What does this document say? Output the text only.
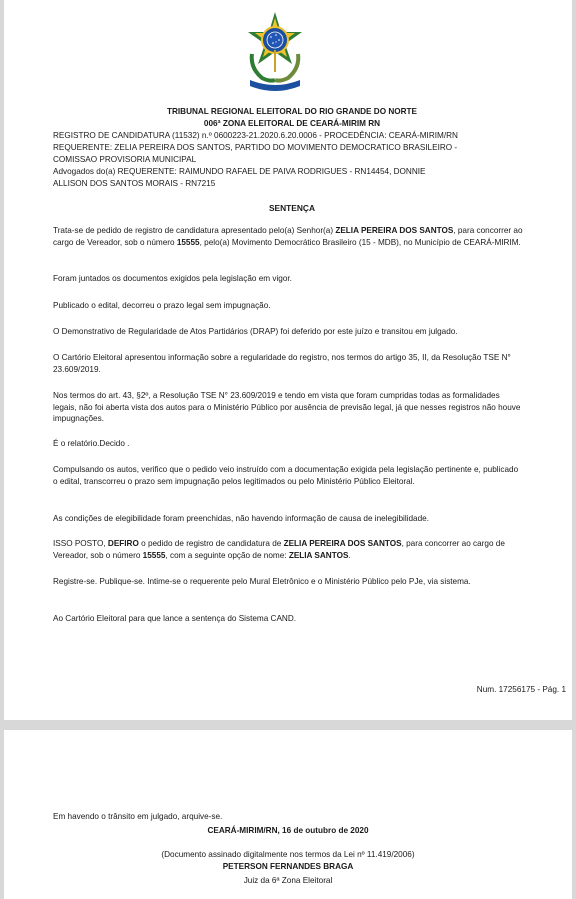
TRIBUNAL REGIONAL ELEITORAL DO RIO GRANDE DO NORTE
006ª ZONA ELEITORAL DE CEARÁ-MIRIM RN
REGISTRO DE CANDIDATURA (11532) n.º 0600223-21.2020.6.20.0006 - PROCEDÊNCIA: CEARÁ-MIRIM/RN
REQUERENTE: ZELIA PEREIRA DOS SANTOS, PARTIDO DO MOVIMENTO DEMOCRATICO BRASILEIRO -
COMISSAO PROVISORIA MUNICIPAL
Advogados do(a) REQUERENTE: RAIMUNDO RAFAEL DE PAIVA RODRIGUES - RN14454, DONNIE
ALLISON DOS SANTOS MORAIS - RN7215
SENTENÇA

Trata-se de pedido de registro de candidatura apresentado pelo(a) Senhor(a) ZELIA PEREIRA DOS SANTOS, para concorrer ao cargo de Vereador, sob o número 15555, pelo(a) Movimento Democrático Brasileiro (15 - MDB), no Município de CEARÁ-MIRIM.

Foram juntados os documentos exigidos pela legislação em vigor.

Publicado o edital, decorreu o prazo legal sem impugnação.

O Demonstrativo de Regularidade de Atos Partidários (DRAP) foi deferido por este juízo e transitou em julgado.

O Cartório Eleitoral apresentou informação sobre a regularidade do registro, nos termos do artigo 35, II, da Resolução TSE N° 23.609/2019.

Nos termos do art. 43, §2º, a Resolução TSE N° 23.609/2019 e tendo em vista que foram cumpridas todas as formalidades legais, não foi aberta vista dos autos para o Ministério Público por ausência de previsão legal, já que nesses registros não houve impugnações.

É o relatório.Decido .

Compulsando os autos, verifico que o pedido veio instruído com a documentação exigida pela legislação pertinente e, publicado o edital, transcorreu o prazo sem impugnação pelos legitimados ou pelo Ministério Público Eleitoral.

As condições de elegibilidade foram preenchidas, não havendo informação de causa de inelegibilidade.

ISSO POSTO, DEFIRO o pedido de registro de candidatura de ZELIA PEREIRA DOS SANTOS, para concorrer ao cargo de Vereador, sob o número 15555, com a seguinte opção de nome: ZELIA SANTOS.

Registre-se. Publique-se. Intime-se o requerente pelo Mural Eletrônico e o Ministério Público pelo PJe, via sistema.

Ao Cartório Eleitoral para que lance a sentença do Sistema CAND.

Num. 17256175 - Pág. 1
Em havendo o trânsito em julgado, arquive-se.
CEARÁ-MIRIM/RN, 16 de outubro de 2020
(Documento assinado digitalmente nos termos da Lei nº 11.419/2006)
PETERSON FERNANDES BRAGA
Juiz da 6ª Zona Eleitoral
